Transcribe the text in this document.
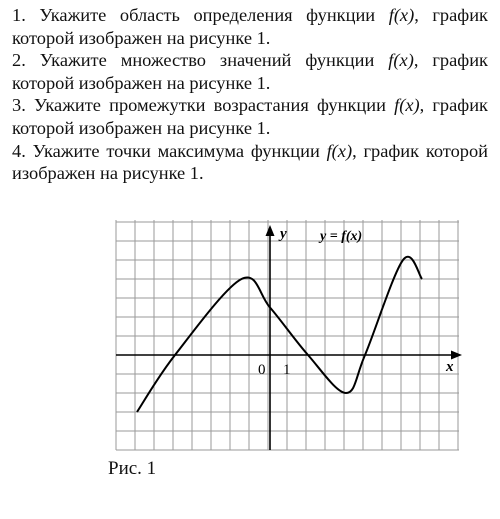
1. Укажите область определения функции f(x), график которой изображен на рисунке 1.

2. Укажите множество значений функции f(x), график которой изображен на рисунке 1.

3. Укажите промежутки возрастания функции f(x), график которой изображен на рисунке 1.

4. Укажите точки максимума функции f(x), график которой изображен на рисунке 1.

y
x
0 1
y = f(x)
Рис. 1
